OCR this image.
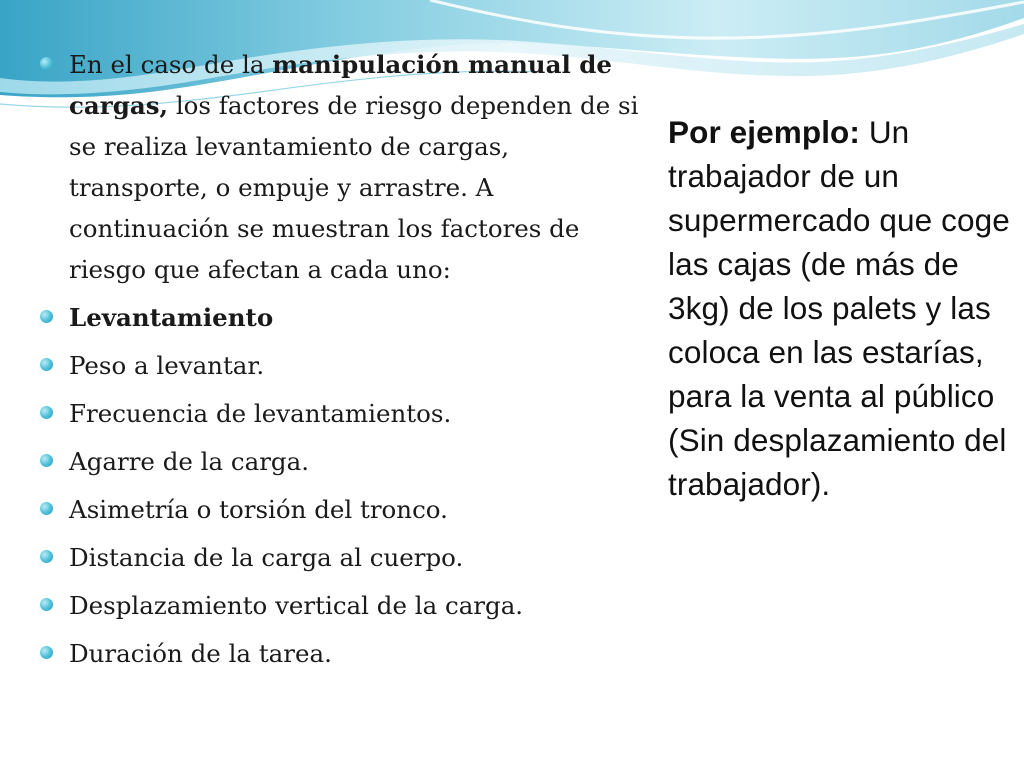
En el caso de la manipulación manual de cargas, los factores de riesgo dependen de si se realiza levantamiento de cargas, transporte, o empuje y arrastre. A continuación se muestran los factores de riesgo que afectan a cada uno:
Levantamiento
Peso a levantar.
Frecuencia de levantamientos.
Agarre de la carga.
Asimetría o torsión del tronco.
Distancia de la carga al cuerpo.
Desplazamiento vertical de la carga.
Duración de la tarea.
Por ejemplo: Un trabajador de un supermercado que coge las cajas (de más de 3kg) de los palets y las coloca en las estarías, para la venta al público (Sin desplazamiento del trabajador).
